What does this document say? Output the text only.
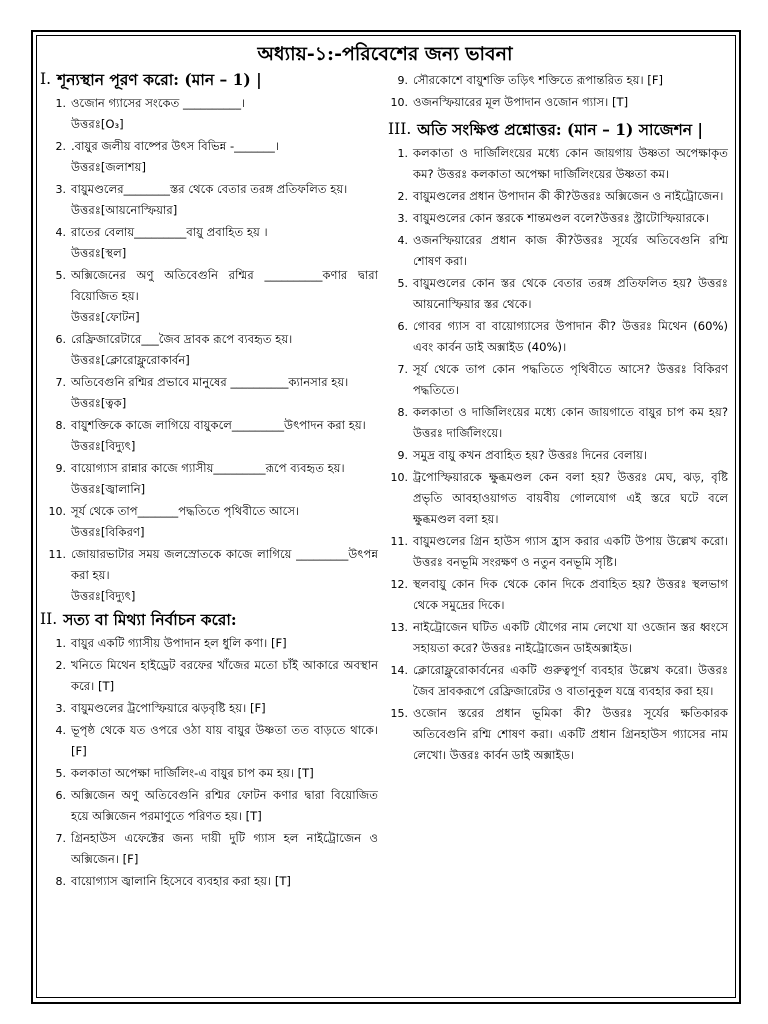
অধ্যায়-১:-পরিবেশের জন্য ভাবনা
I. শূন্যস্থান পূরণ করো: (মান – 1) |
1. ওজোন গ্যাসের সংকেত __________।
উত্তরঃ[O₃]
2. .বায়ুর জলীয় বাষ্পের উৎস বিভিন্ন -_______।
উত্তরঃ[জলাশয়]
3. বায়ুমণ্ডলের________স্তর থেকে বেতার তরঙ্গ প্রতিফলিত হয়।
উত্তরঃ[আয়নোস্ফিয়ার]
4. রাতের বেলায়_________বায়ু প্রবাহিত হয় ।
উত্তরঃ[স্থল]
5. অক্সিজেনের অণু অতিবেগুনি রশ্মির __________কণার দ্বারা বিয়োজিত হয়।
উত্তরঃ[ফোটন]
6. রেফ্রিজারেটারে___জৈব দ্রাবক রূপে ব্যবহৃত হয়।
উত্তরঃ[ক্লোরোফ্লুরোকার্বন]
7. অতিবেগুনি রশ্মির প্রভাবে মানুষের __________ক্যানসার হয়।
উত্তরঃ[ত্বক]
8. বায়ুশক্তিকে কাজে লাগিয়ে বায়ুকলে_________উৎপাদন করা হয়।
উত্তরঃ[বিদ্যুৎ]
9. বায়োগ্যাস রান্নার কাজে গ্যাসীয়_________রূপে ব্যবহৃত হয়।
উত্তরঃ[জ্বালানি]
10. সূর্য থেকে তাপ_______পদ্ধতিতে পৃথিবীতে আসে।
উত্তরঃ[বিকিরণ]
11. জোয়ারভাটার সময় জলস্রোতকে কাজে লাগিয়ে _________উৎপন্ন করা হয়।
উত্তরঃ[বিদ্যুৎ]
II. সত্য বা মিথ্যা নির্বাচন করো:
1. বায়ুর একটি গ্যাসীয় উপাদান হল ধুলি কণা। [F]
2. খনিতে মিথেন হাইড্রেট বরফের খাঁজের মতো চাঁই আকারে অবস্থান করে। [T]
3. বায়ুমণ্ডলের ট্রপোস্ফিয়ারে ঝড়বৃষ্টি হয়। [F]
4. ভূপৃষ্ঠ থেকে যত ওপরে ওঠা যায় বায়ুর উষ্ণতা তত বাড়তে থাকে। [F]
5. কলকাতা অপেক্ষা দার্জিলিং-এ বায়ুর চাপ কম হয়। [T]
6. অক্সিজেন অণু অতিবেগুনি রশ্মির ফোটন কণার দ্বারা বিয়োজিত হয়ে অক্সিজেন পরমাণুতে পরিণত হয়। [T]
7. গ্রিনহাউস এফেক্টের জন্য দায়ী দুটি গ্যাস হল নাইট্রোজেন ও অক্সিজেন। [F]
8. বায়োগ্যাস জ্বালানি হিসেবে ব্যবহার করা হয়। [T]
9. সৌরকোশে বায়ুশক্তি তড়িৎ শক্তিতে রূপান্তরিত হয়। [F]
10. ওজনস্ফিয়ারের মূল উপাদান ওজোন গ্যাস। [T]
III. অতি সংক্ষিপ্ত প্রশ্নোত্তর: (মান – 1) সাজেশন |
1. কলকাতা ও দার্জিলিংয়ের মধ্যে কোন জায়গায় উষ্ণতা অপেক্ষাকৃত কম? উত্তরঃ কলকাতা অপেক্ষা দার্জিলিংয়ের উষ্ণতা কম।
2. বায়ুমণ্ডলের প্রধান উপাদান কী কী?উত্তরঃ অক্সিজেন ও নাইট্রোজেন।
3. বায়ুমণ্ডলের কোন স্তরকে শান্তমণ্ডল বলে?উত্তরঃ স্ট্রাটোস্ফিয়ারকে।
4. ওজনস্ফিয়ারের প্রধান কাজ কী?উত্তরঃ সূর্যের অতিবেগুনি রশ্মি শোষণ করা।
5. বায়ুমণ্ডলের কোন স্তর থেকে বেতার তরঙ্গ প্রতিফলিত হয়? উত্তরঃ আয়নোস্ফিয়ার স্তর থেকে।
6. গোবর গ্যাস বা বায়োগ্যাসের উপাদান কী? উত্তরঃ মিথেন (60%) এবং কার্বন ডাই অক্সাইড (40%)।
7. সূর্য থেকে তাপ কোন পদ্ধতিতে পৃথিবীতে আসে? উত্তরঃ বিকিরণ পদ্ধতিতে।
8. কলকাতা ও দার্জিলিংয়ের মধ্যে কোন জায়গাতে বায়ুর চাপ কম হয়? উত্তরঃ দার্জিলিংয়ে।
9. সমুদ্র বায়ু কখন প্রবাহিত হয়? উত্তরঃ দিনের বেলায়।
10. ট্রপোস্ফিয়ারকে ক্ষুব্ধমণ্ডল কেন বলা হয়? উত্তরঃ মেঘ, ঝড়, বৃষ্টি প্রভৃতি আবহাওয়াগত বায়বীয় গোলযোগ এই স্তরে ঘটে বলে ক্ষুব্ধমণ্ডল বলা হয়।
11. বায়ুমণ্ডলের গ্রিন হাউস গ্যাস হ্রাস করার একটি উপায় উল্লেখ করো। উত্তরঃ বনভূমি সংরক্ষণ ও নতুন বনভূমি সৃষ্টি।
12. স্থলবায়ু কোন দিক থেকে কোন দিকে প্রবাহিত হয়? উত্তরঃ স্থলভাগ থেকে সমুদ্রের দিকে।
13. নাইট্রোজেন ঘটিত একটি যৌগের নাম লেখো যা ওজোন স্তর ধ্বংসে সহায়তা করে? উত্তরঃ নাইট্রোজেন ডাইঅক্সাইড।
14. ক্লোরোফ্লুরোকার্বনের একটি গুরুত্বপূর্ণ ব্যবহার উল্লেখ করো। উত্তরঃ জৈব দ্রাবকরূপে রেফ্রিজারেটর ও বাতানুকূল যন্ত্রে ব্যবহার করা হয়।
15. ওজোন স্তরের প্রধান ভূমিকা কী? উত্তরঃ সূর্যের ক্ষতিকারক অতিবেগুনি রশ্মি শোষণ করা। একটি প্রধান গ্রিনহাউস গ্যাসের নাম লেখো। উত্তরঃ কার্বন ডাই অক্সাইড।
